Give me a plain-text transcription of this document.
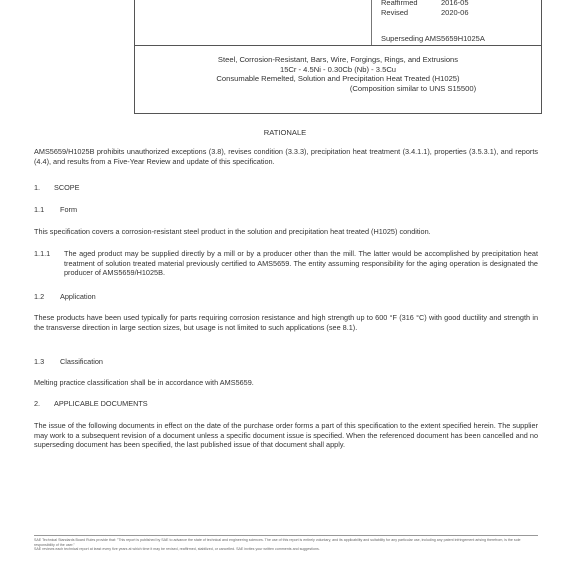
Reaffirmed	2016-05
Revised	2020-06
Superseding AMS5659H1025A
Steel, Corrosion-Resistant, Bars, Wire, Forgings, Rings, and Extrusions
15Cr - 4.5Ni - 0.30Cb (Nb) - 3.5Cu
Consumable Remelted, Solution and Precipitation Heat Treated (H1025)
(Composition similar to UNS S15500)
RATIONALE
AMS5659/H1025B prohibits unauthorized exceptions (3.8), revises condition (3.3.3), precipitation heat treatment (3.4.1.1), properties (3.5.3.1), and reports (4.4), and results from a Five-Year Review and update of this specification.
1. SCOPE
1.1 Form
This specification covers a corrosion-resistant steel product in the solution and precipitation heat treated (H1025) condition.
1.1.1	The aged product may be supplied directly by a mill or by a producer other than the mill. The latter would be accomplished by precipitation heat treatment of solution treated material previously certified to AMS5659. The entity assuming responsibility for the aging operation is designated the producer of AMS5659/H1025B.
1.2 Application
These products have been used typically for parts requiring corrosion resistance and high strength up to 600 °F (316 °C) with good ductility and strength in the transverse direction in large section sizes, but usage is not limited to such applications (see 8.1).
1.3 Classification
Melting practice classification shall be in accordance with AMS5659.
2. APPLICABLE DOCUMENTS
The issue of the following documents in effect on the date of the purchase order forms a part of this specification to the extent specified herein. The supplier may work to a subsequent revision of a document unless a specific document issue is specified. When the referenced document has been cancelled and no superseding document has been specified, the last published issue of that document shall apply.
SAE Technical Standards Board Rules provide that: "This report is published by SAE to advance the state of technical and engineering sciences. The use of this report is entirely voluntary, and its applicability and suitability for any particular use, including any patent infringement arising therefrom, is the sole responsibility of the user."
SAE reviews each technical report at least every five years at which time it may be revised, reaffirmed, stabilized, or cancelled. SAE invites your written comments and suggestions.
